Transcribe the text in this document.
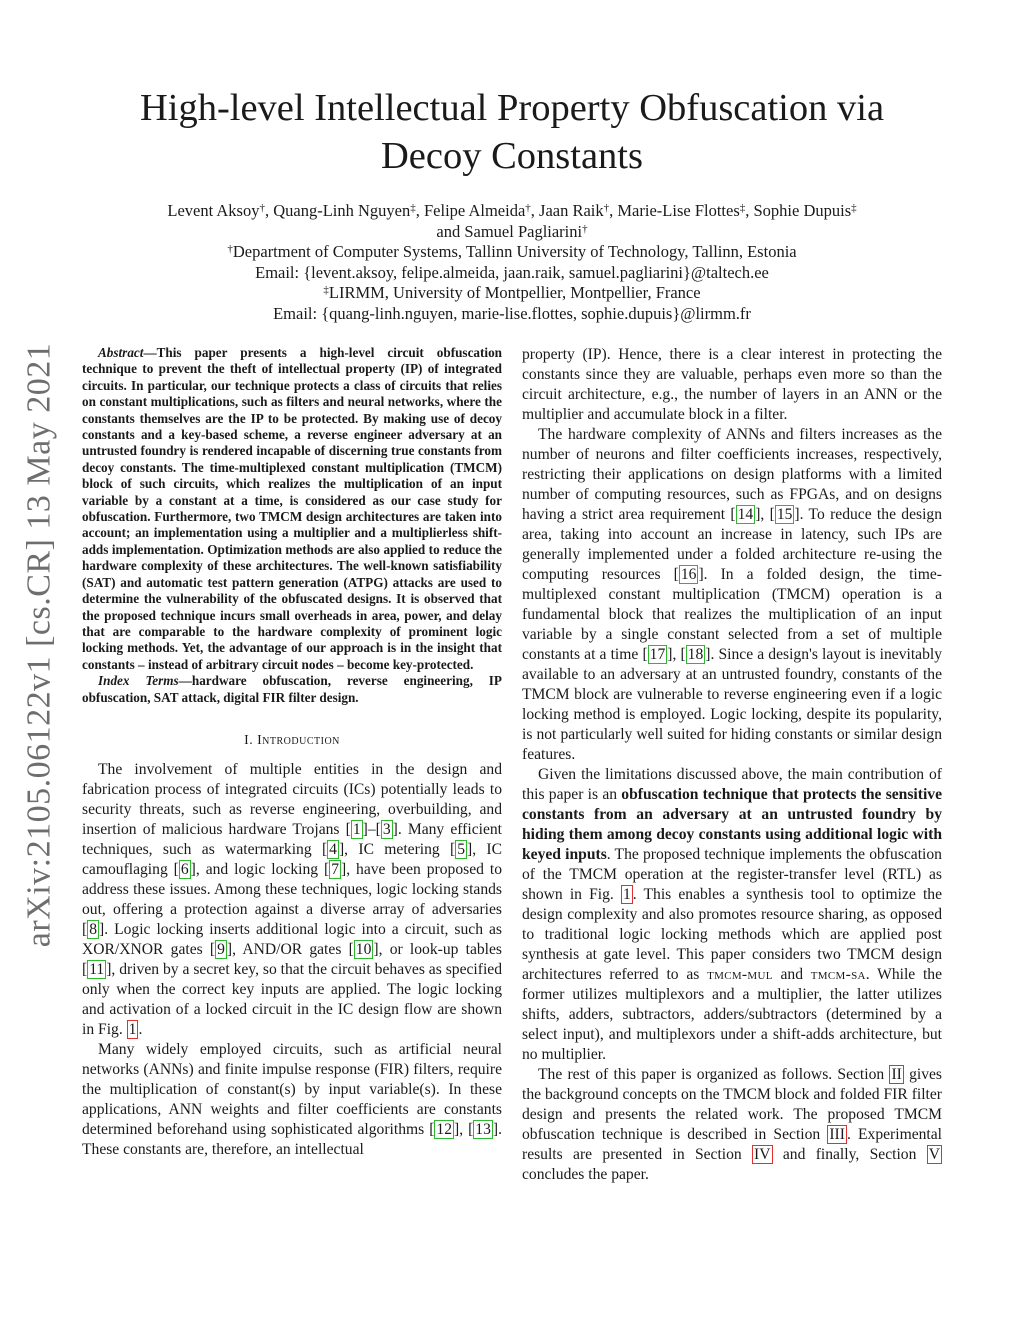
arXiv:2105.06122v1 [cs.CR] 13 May 2021
High-level Intellectual Property Obfuscation via
Decoy Constants
Levent Aksoy†, Quang-Linh Nguyen‡, Felipe Almeida†, Jaan Raik†, Marie-Lise Flottes‡, Sophie Dupuis‡
and Samuel Pagliarini†
†Department of Computer Systems, Tallinn University of Technology, Tallinn, Estonia
Email: {levent.aksoy, felipe.almeida, jaan.raik, samuel.pagliarini}@taltech.ee
‡LIRMM, University of Montpellier, Montpellier, France
Email: {quang-linh.nguyen, marie-lise.flottes, sophie.dupuis}@lirmm.fr

Abstract—This paper presents a high-level circuit obfuscation technique to prevent the theft of intellectual property (IP) of integrated circuits. In particular, our technique protects a class of circuits that relies on constant multiplications, such as filters and neural networks, where the constants themselves are the IP to be protected. By making use of decoy constants and a key-based scheme, a reverse engineer adversary at an untrusted foundry is rendered incapable of discerning true constants from decoy constants. The time-multiplexed constant multiplication (TMCM) block of such circuits, which realizes the multiplication of an input variable by a constant at a time, is considered as our case study for obfuscation. Furthermore, two TMCM design architectures are taken into account; an implementation using a multiplier and a multiplierless shift-adds implementation. Optimization methods are also applied to reduce the hardware complexity of these architectures. The well-known satisfiability (SAT) and automatic test pattern generation (ATPG) attacks are used to determine the vulnerability of the obfuscated designs. It is observed that the proposed technique incurs small overheads in area, power, and delay that are comparable to the hardware complexity of prominent logic locking methods. Yet, the advantage of our approach is in the insight that constants – instead of arbitrary circuit nodes – become key-protected.

Index Terms—hardware obfuscation, reverse engineering, IP obfuscation, SAT attack, digital FIR filter design.

I. Introduction

The involvement of multiple entities in the design and fabrication process of integrated circuits (ICs) potentially leads to security threats, such as reverse engineering, overbuilding, and insertion of malicious hardware Trojans [ 1 ]–[ 3 ]. Many efficient techniques, such as watermarking [ 4 ], IC metering [ 5 ], IC camouflaging [ 6 ], and logic locking [ 7 ], have been proposed to address these issues. Among these techniques, logic locking stands out, offering a protection against a diverse array of adversaries [ 8 ]. Logic locking inserts additional logic into a circuit, such as XOR/XNOR gates [ 9 ], AND/OR gates [ 10 ], or look-up tables [ 11 ], driven by a secret key, so that the circuit behaves as specified only when the correct key inputs are applied. The logic locking and activation of a locked circuit in the IC design flow are shown in Fig. 1 .

Many widely employed circuits, such as artificial neural networks (ANNs) and finite impulse response (FIR) filters, require the multiplication of constant(s) by input variable(s). In these applications, ANN weights and filter coefficients are constants determined beforehand using sophisticated algorithms [ 12 ], [ 13 ]. These constants are, therefore, an intellectual

property (IP). Hence, there is a clear interest in protecting the constants since they are valuable, perhaps even more so than the circuit architecture, e.g., the number of layers in an ANN or the multiplier and accumulate block in a filter.

The hardware complexity of ANNs and filters increases as the number of neurons and filter coefficients increases, respectively, restricting their applications on design platforms with a limited number of computing resources, such as FPGAs, and on designs having a strict area requirement [ 14 ], [ 15 ]. To reduce the design area, taking into account an increase in latency, such IPs are generally implemented under a folded architecture re-using the computing resources [ 16 ]. In a folded design, the time-multiplexed constant multiplication (TMCM) operation is a fundamental block that realizes the multiplication of an input variable by a single constant selected from a set of multiple constants at a time [ 17 ], [ 18 ]. Since a design's layout is inevitably available to an adversary at an untrusted foundry, constants of the TMCM block are vulnerable to reverse engineering even if a logic locking method is employed. Logic locking, despite its popularity, is not particularly well suited for hiding constants or similar design features.

Given the limitations discussed above, the main contribution of this paper is an obfuscation technique that protects the sensitive constants from an adversary at an untrusted foundry by hiding them among decoy constants using additional logic with keyed inputs. The proposed technique implements the obfuscation of the TMCM operation at the register-transfer level (RTL) as shown in Fig. 1 . This enables a synthesis tool to optimize the design complexity and also promotes resource sharing, as opposed to traditional logic locking methods which are applied post synthesis at gate level. This paper considers two TMCM design architectures referred to as tmcm-mul and tmcm-sa. While the former utilizes multiplexors and a multiplier, the latter utilizes shifts, adders, subtractors, adders/subtractors (determined by a select input), and multiplexors under a shift-adds architecture, but no multiplier.

The rest of this paper is organized as follows. Section II gives the background concepts on the TMCM block and folded FIR filter design and presents the related work. The proposed TMCM obfuscation technique is described in Section III . Experimental results are presented in Section IV and finally, Section V concludes the paper.
